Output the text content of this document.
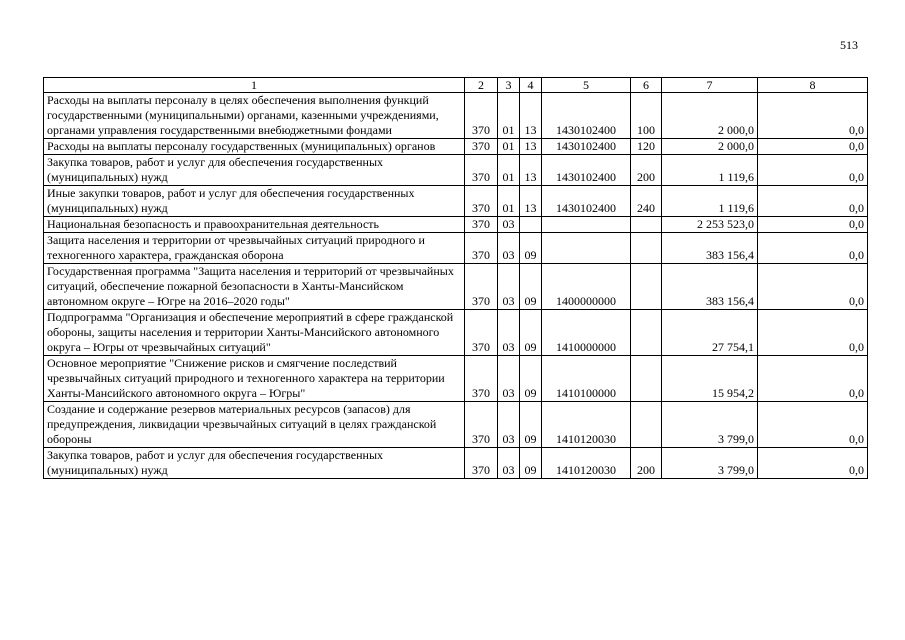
513
1	2	3	4	5	6	7	8
Расходы на выплаты персоналу в целях обеспечения выполнения функций государственными (муниципальными) органами, казенными учреждениями, органами управления государственными внебюджетными фондами	370	01	13	1430102400	100	2 000,0	0,0
Расходы на выплаты персоналу государственных (муниципальных) органов	370	01	13	1430102400	120	2 000,0	0,0
Закупка товаров, работ и услуг для обеспечения государственных (муниципальных) нужд	370	01	13	1430102400	200	1 119,6	0,0
Иные закупки товаров, работ и услуг для обеспечения государственных (муниципальных) нужд	370	01	13	1430102400	240	1 119,6	0,0
Национальная безопасность и правоохранительная деятельность	370	03				2 253 523,0	0,0
Защита населения и территории от чрезвычайных ситуаций природного и техногенного характера, гражданская оборона	370	03	09			383 156,4	0,0
Государственная программа "Защита населения и территорий от чрезвычайных ситуаций, обеспечение пожарной безопасности в Ханты-Мансийском автономном округе – Югре на 2016–2020 годы"	370	03	09	1400000000		383 156,4	0,0
Подпрограмма "Организация и обеспечение мероприятий в сфере гражданской обороны, защиты населения и территории Ханты-Мансийского автономного округа – Югры от чрезвычайных ситуаций"	370	03	09	1410000000		27 754,1	0,0
Основное мероприятие "Снижение рисков и смягчение последствий чрезвычайных ситуаций природного и техногенного характера на территории Ханты-Мансийского автономного округа – Югры"	370	03	09	1410100000		15 954,2	0,0
Создание и содержание резервов материальных ресурсов (запасов) для предупреждения, ликвидации чрезвычайных ситуаций в целях гражданской обороны	370	03	09	1410120030		3 799,0	0,0
Закупка товаров, работ и услуг для обеспечения государственных (муниципальных) нужд	370	03	09	1410120030	200	3 799,0	0,0
